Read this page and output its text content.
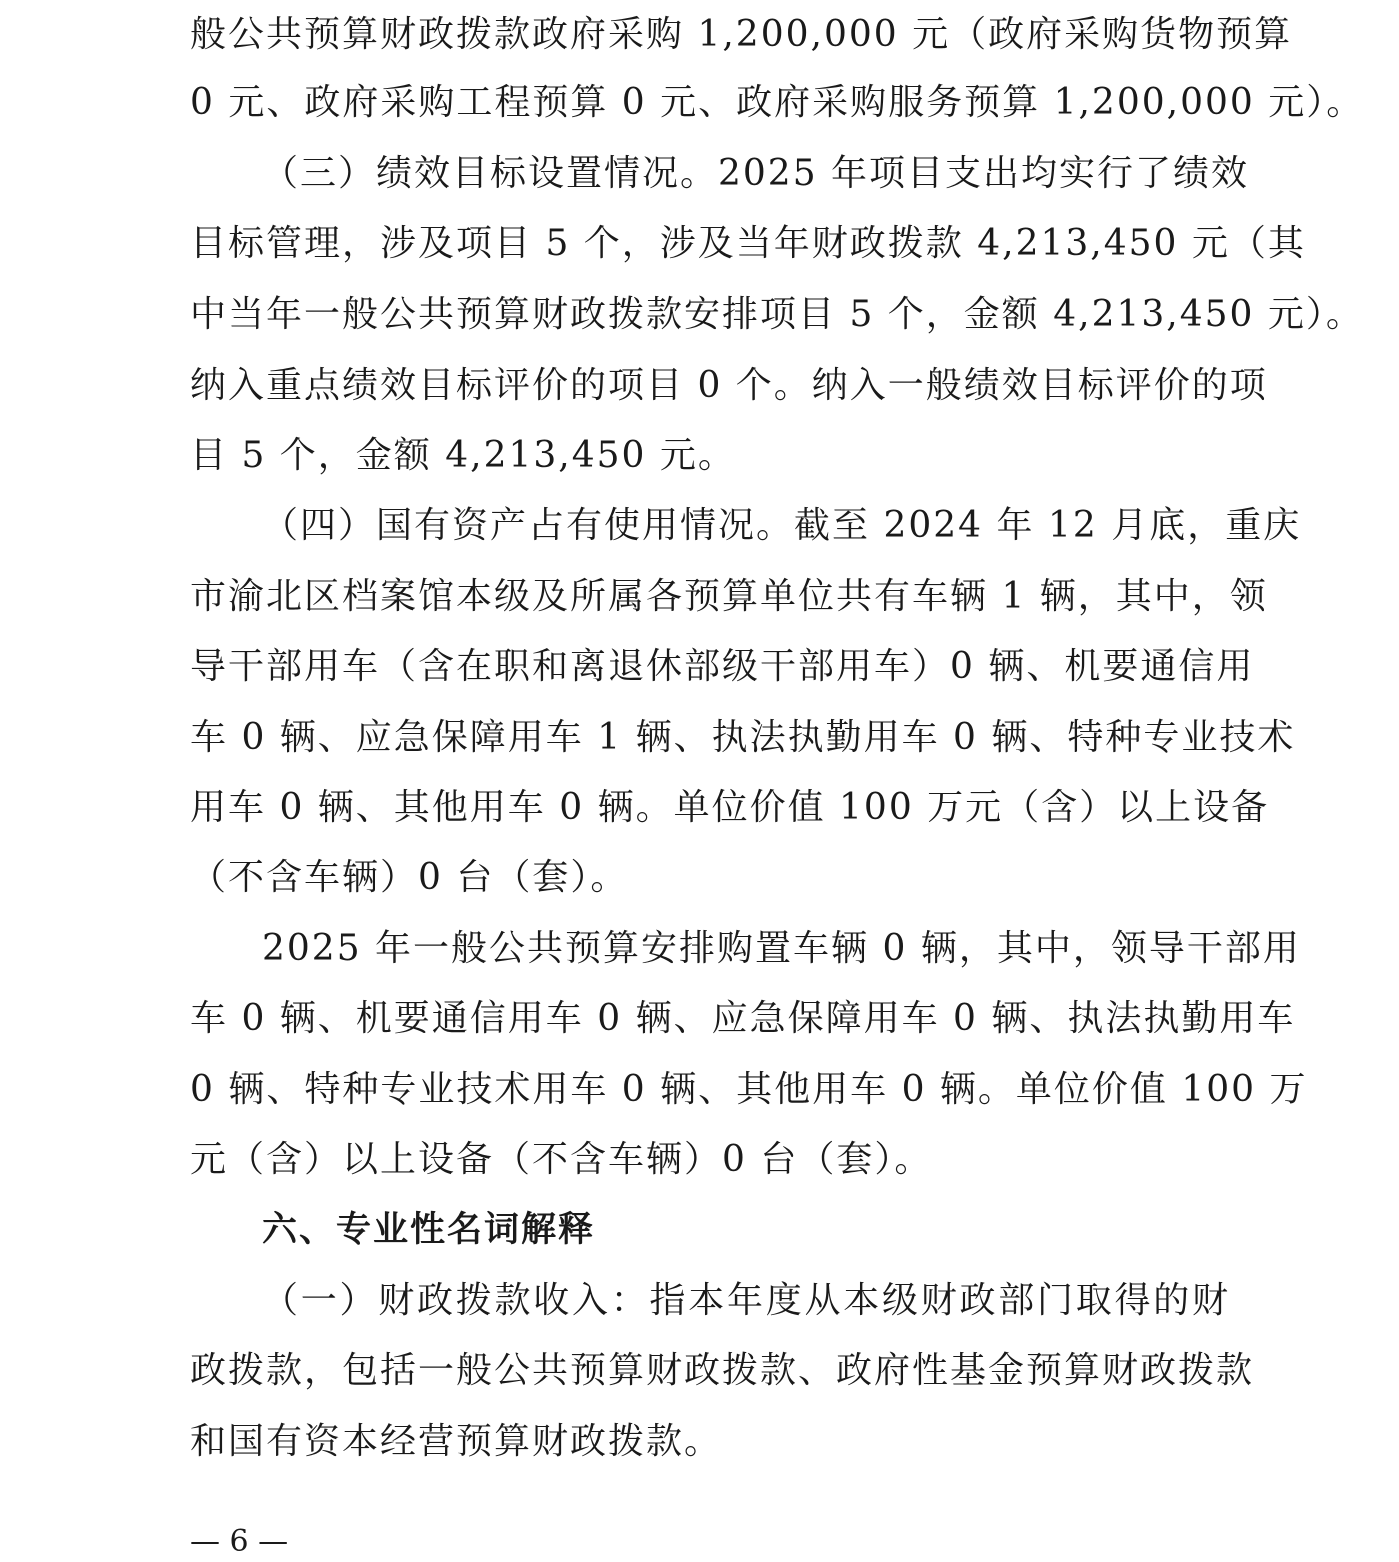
般公共预算财政拨款政府采购 1,200,000 元（政府采购货物预算
0 元、政府采购工程预算 0 元、政府采购服务预算 1,200,000 元）。
（三）绩效目标设置情况。2025 年项目支出均实行了绩效
目标管理，涉及项目 5 个，涉及当年财政拨款 4,213,450 元（其
中当年一般公共预算财政拨款安排项目 5 个，金额 4,213,450 元）。
纳入重点绩效目标评价的项目 0 个。纳入一般绩效目标评价的项
目 5 个，金额 4,213,450 元。
（四）国有资产占有使用情况。截至 2024 年 12 月底，重庆
市渝北区档案馆本级及所属各预算单位共有车辆 1 辆，其中，领
导干部用车（含在职和离退休部级干部用车）0 辆、机要通信用
车 0 辆、应急保障用车 1 辆、执法执勤用车 0 辆、特种专业技术
用车 0 辆、其他用车 0 辆。单位价值 100 万元（含）以上设备
（不含车辆）0 台（套）。
2025 年一般公共预算安排购置车辆 0 辆，其中，领导干部用
车 0 辆、机要通信用车 0 辆、应急保障用车 0 辆、执法执勤用车
0 辆、特种专业技术用车 0 辆、其他用车 0 辆。单位价值 100 万
元（含）以上设备（不含车辆）0 台（套）。
六、专业性名词解释
（一）财政拨款收入：指本年度从本级财政部门取得的财
政拨款，包括一般公共预算财政拨款、政府性基金预算财政拨款
和国有资本经营预算财政拨款。
— 6 —
